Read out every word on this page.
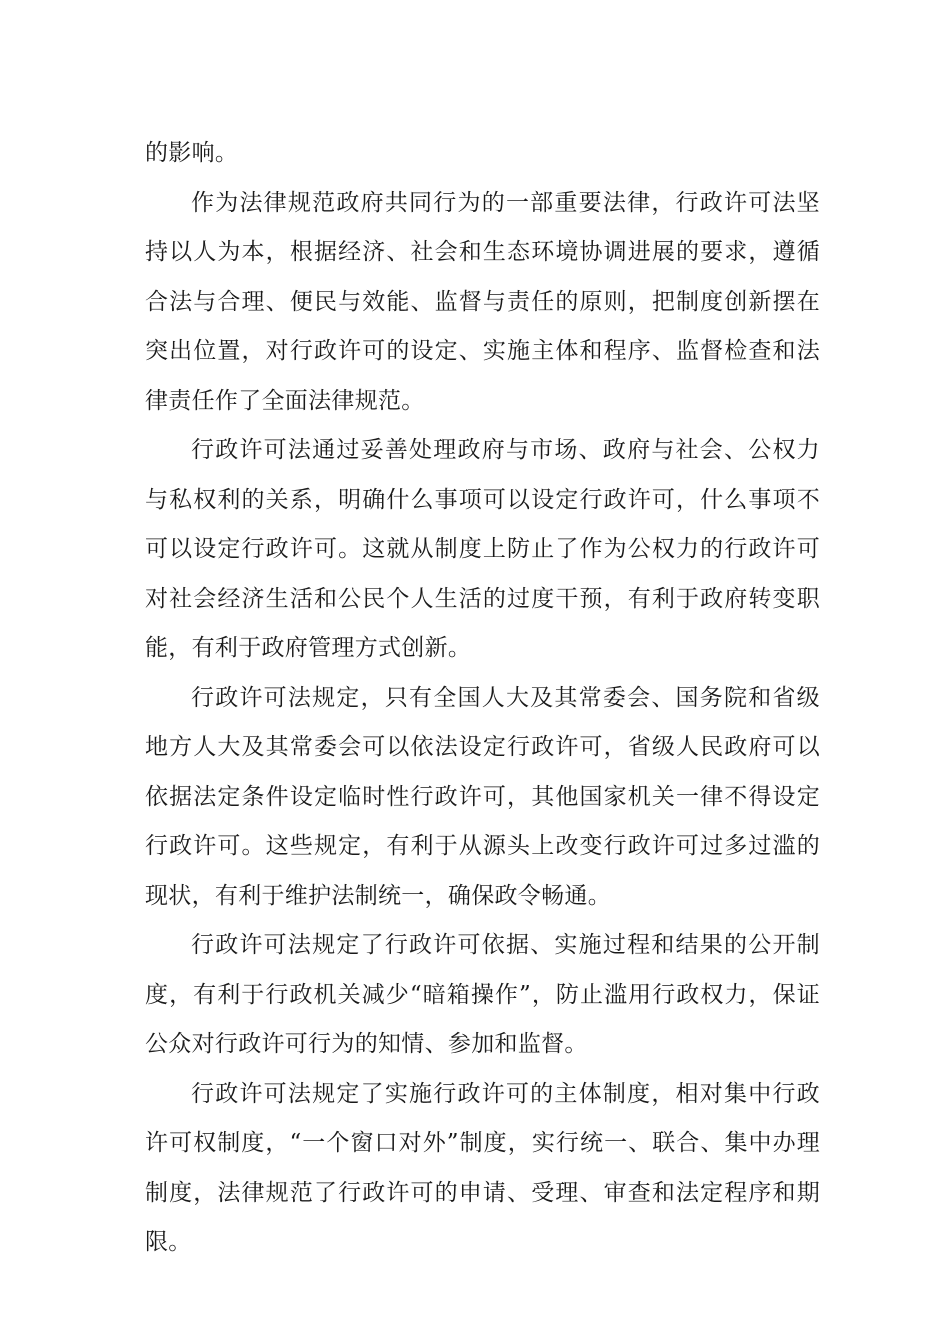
的影响。

作为法律规范政府共同行为的一部重要法律，行政许可法坚持以人为本，根据经济、社会和生态环境协调进展的要求，遵循合法与合理、便民与效能、监督与责任的原则，把制度创新摆在突出位置，对行政许可的设定、实施主体和程序、监督检查和法律责任作了全面法律规范。

行政许可法通过妥善处理政府与市场、政府与社会、公权力与私权利的关系，明确什么事项可以设定行政许可，什么事项不可以设定行政许可。这就从制度上防止了作为公权力的行政许可对社会经济生活和公民个人生活的过度干预，有利于政府转变职能，有利于政府管理方式创新。

行政许可法规定，只有全国人大及其常委会、国务院和省级地方人大及其常委会可以依法设定行政许可，省级人民政府可以依据法定条件设定临时性行政许可，其他国家机关一律不得设定行政许可。这些规定，有利于从源头上改变行政许可过多过滥的现状，有利于维护法制统一，确保政令畅通。

行政许可法规定了行政许可依据、实施过程和结果的公开制度，有利于行政机关减少“暗箱操作”，防止滥用行政权力，保证公众对行政许可行为的知情、参加和监督。

行政许可法规定了实施行政许可的主体制度，相对集中行政许可权制度，“一个窗口对外”制度，实行统一、联合、集中办理制度，法律规范了行政许可的申请、受理、审查和法定程序和期限。
